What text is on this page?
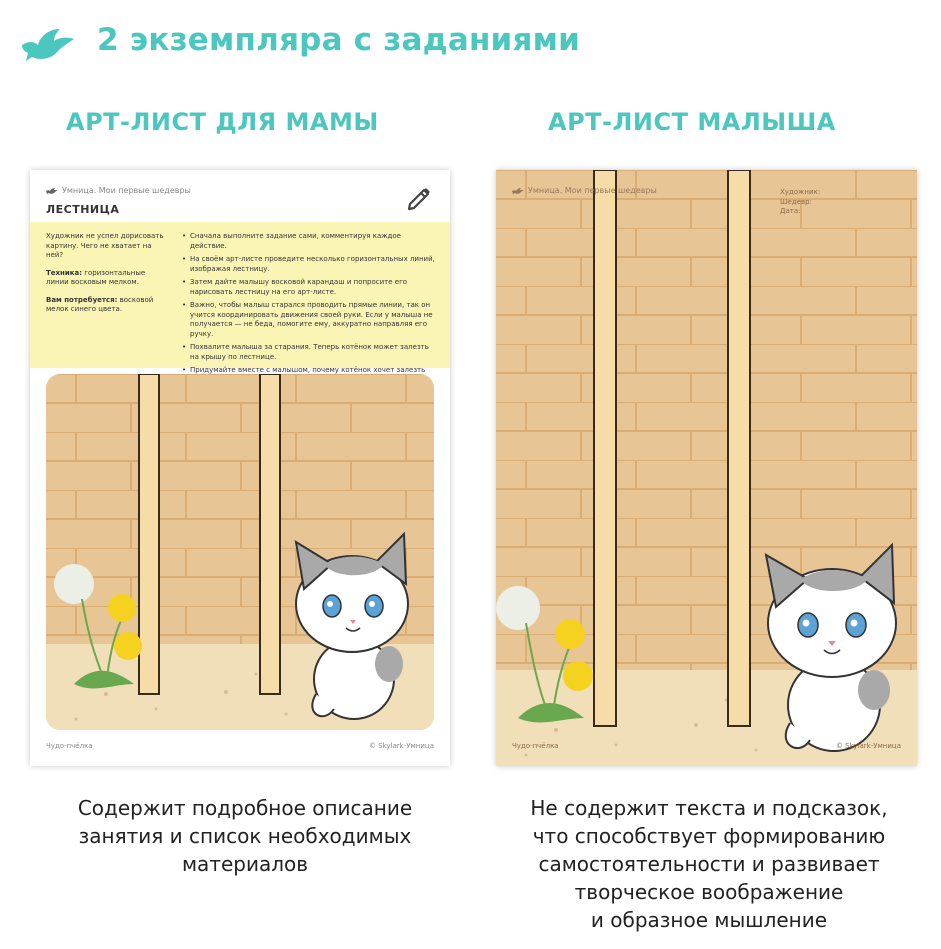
2 экземпляра с заданиями
АРТ-ЛИСТ ДЛЯ МАМЫ	АРТ-ЛИСТ МАЛЫША
Умница. Мои первые шедевры
ЛЕСТНИЦА

Художник не успел дорисовать картину. Чего не хватает на ней?

Техника: горизонтальные линии восковым мелком.

Вам потребуется: восковой мелок синего цвета.

• Сначала выполните задание сами, комментируя каждое действие.
• На своём арт-листе проведите несколько горизонтальных линий, изображая лестницу.
• Затем дайте малышу восковой карандаш и попросите его нарисовать лестницу на его арт-листе.
• Важно, чтобы малыш старался проводить прямые линии, так он учится координировать движения своей руки. Если у малыша не получается — не беда, помогите ему, аккуратно направляя его ручку.
• Похвалите малыша за старания. Теперь котёнок может залезть на крышу по лестнице.
• Придумайте вместе с малышом, почему котёнок хочет залезть
Чудо-пчёлка	© Skylark-Умница
Умница. Мои первые шедевры	Художник:
Шедевр:
Дата:
Чудо-пчёлка	© Skylark-Умница
Содержит подробное описание
занятия и список необходимых
материалов
Не содержит текста и подсказок,
что способствует формированию
самостоятельности и развивает
творческое воображение
и образное мышление
